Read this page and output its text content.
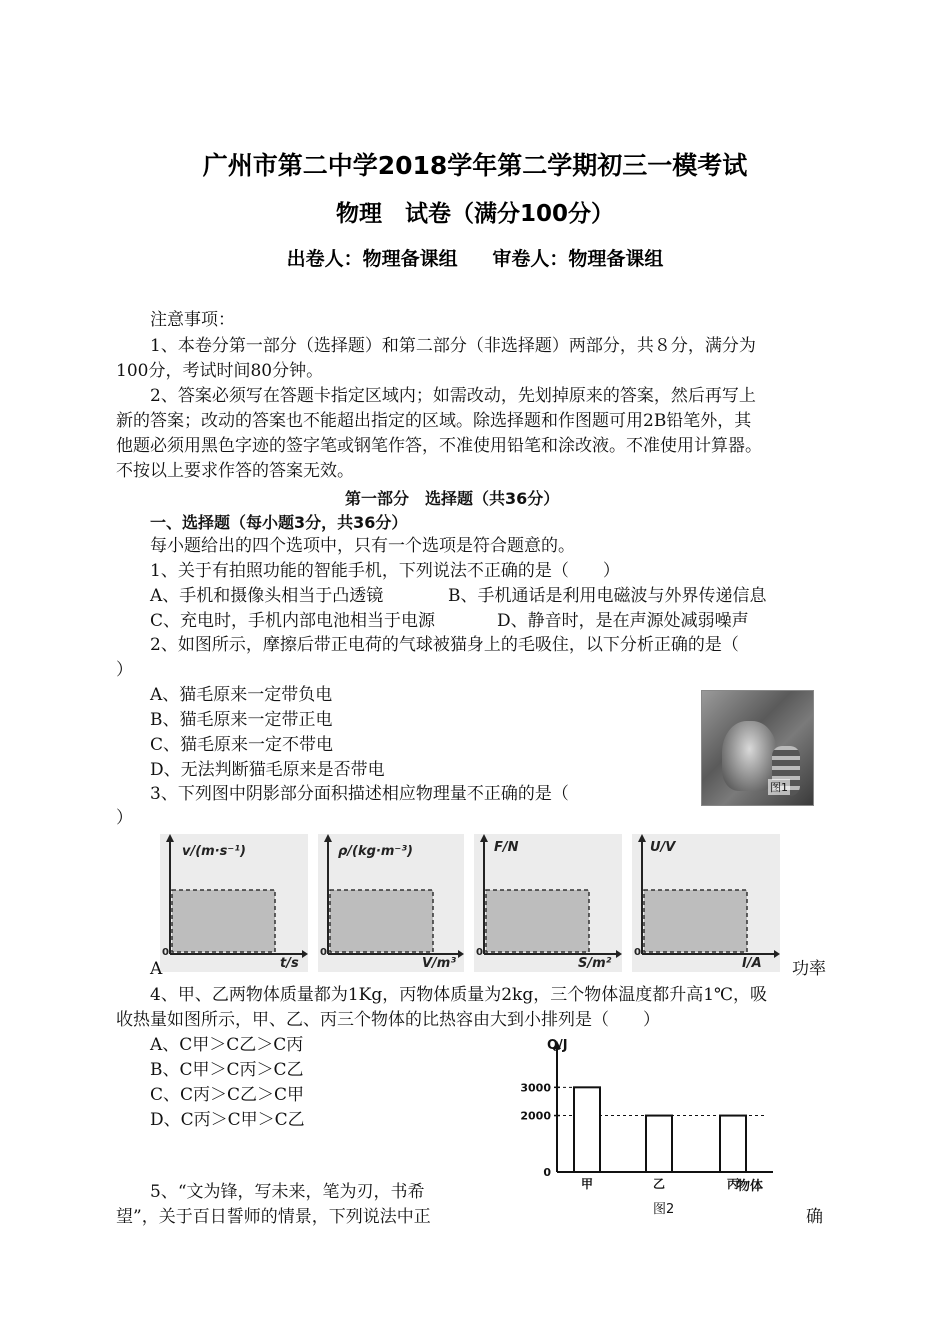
广州市第二中学2018学年第二学期初三一模考试
物理　试卷（满分100分）
出卷人：物理备课组 审卷人：物理备课组
注意事项：
1、本卷分第一部分（选择题）和第二部分（非选择题）两部分，共８分，满分为
100分，考试时间80分钟。
2、答案必须写在答题卡指定区域内；如需改动，先划掉原来的答案，然后再写上
新的答案；改动的答案也不能超出指定的区域。除选择题和作图题可用2B铅笔外，其
他题必须用黑色字迹的签字笔或钢笔作答，不准使用铅笔和涂改液。不准使用计算器。
不按以上要求作答的答案无效。
第一部分　选择题（共36分）
一、选择题（每小题3分，共36分）
每小题给出的四个选项中，只有一个选项是符合题意的。
1、关于有拍照功能的智能手机，下列说法不正确的是（　　）
A、手机和摄像头相当于凸透镜	B、手机通话是利用电磁波与外界传递信息
C、充电时，手机内部电池相当于电源	D、静音时，是在声源处减弱噪声
2、如图所示，摩擦后带正电荷的气球被猫身上的毛吸住，以下分析正确的是（
）
A、猫毛原来一定带负电
B、猫毛原来一定带正电
C、猫毛原来一定不带电
D、无法判断猫毛原来是否带电
图1
3、下列图中阴影部分面积描述相应物理量不正确的是（
）
v/(m·s⁻¹)
0
t/s
ρ/(kg·m⁻³)
0
V/m³
F/N
0
S/m²
U/V
0
I/A
A	功率
4、甲、乙两物体质量都为1Kg，丙物体质量为2kg，三个物体温度都升高1℃，吸
收热量如图所示，甲、乙、丙三个物体的比热容由大到小排列是（　　）
A、C甲＞C乙＞C丙
B、C甲＞C丙＞C乙
C、C丙＞C乙＞C甲
D、C丙＞C甲＞C乙
Q/J
物体
图2
0
2000
3000
甲	乙	丙
5、“文为锋，写未来，笔为刃，书希
望”，关于百日誓师的情景，下列说法中正	确
